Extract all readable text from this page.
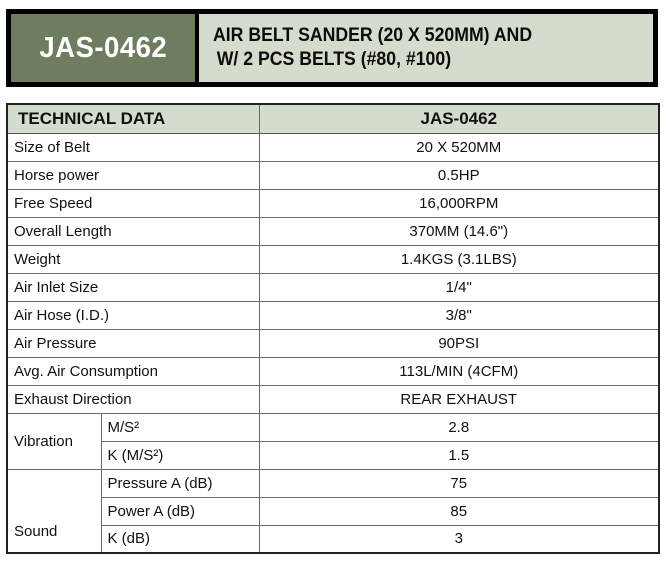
JAS-0462 AIR BELT SANDER (20 X 520MM) AND
W/ 2 PCS BELTS (#80, #100)
TECHNICAL DATA		JAS-0462
Size of Belt		20 X 520MM
Horse power		0.5HP
Free Speed		16,000RPM
Overall Length		370MM (14.6")
Weight		1.4KGS (3.1LBS)
Air Inlet Size		1/4"
Air Hose (I.D.)		3/8"
Air Pressure		90PSI
Avg. Air Consumption		113L/MIN (4CFM)
Exhaust Direction		REAR EXHAUST
Vibration	M/S²	2.8
	K (M/S²)	1.5
Sound	Pressure A (dB)	75
	Power A (dB)	85
	K (dB)	3
